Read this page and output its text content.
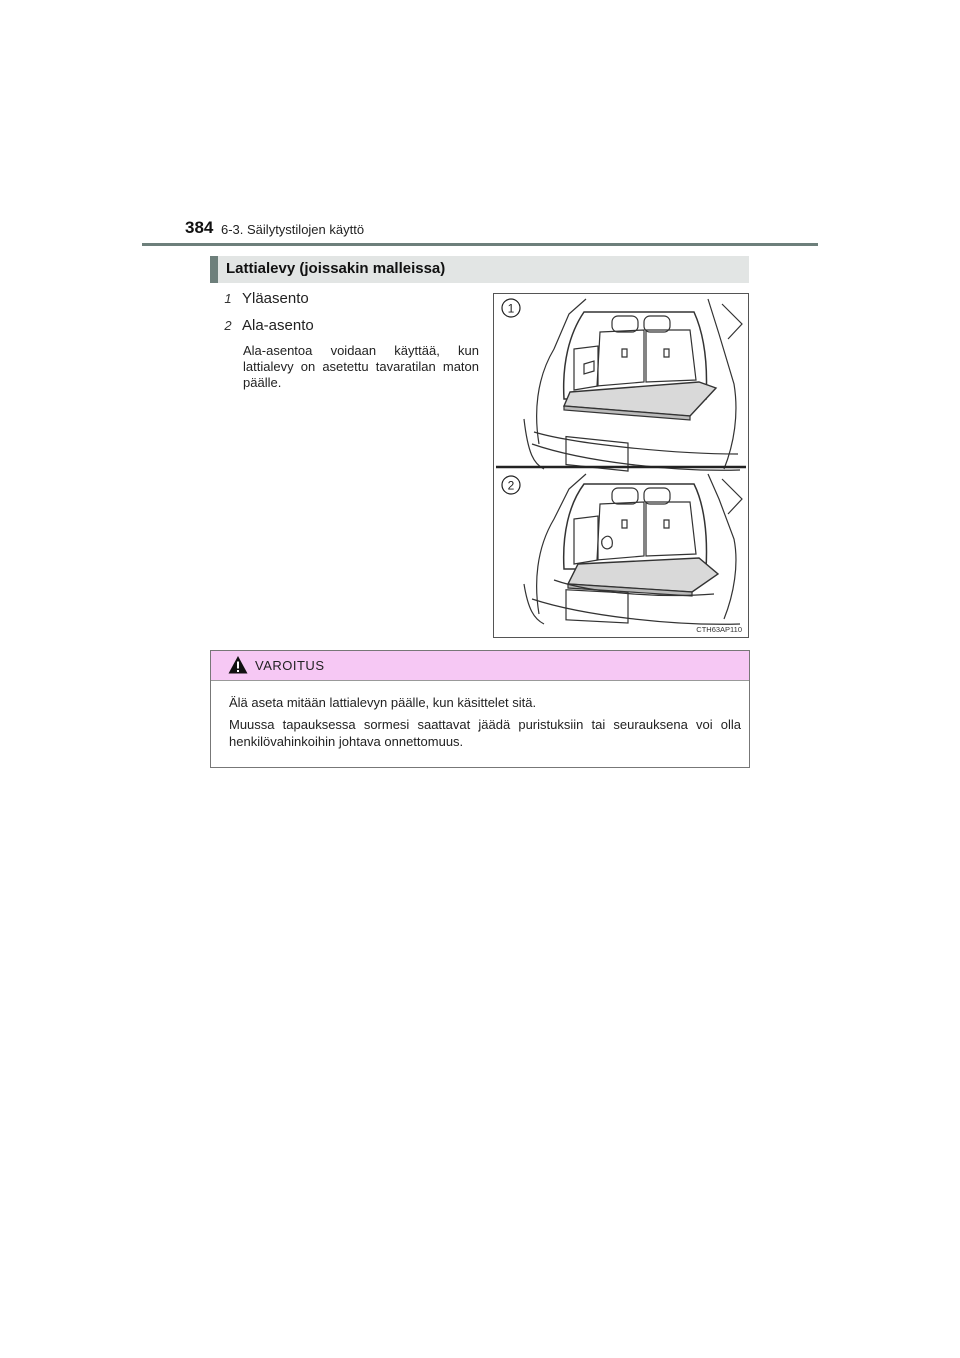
384 6-3. Säilytystilojen käyttö
Lattialevy (joissakin malleissa)
1 Yläasento
2 Ala-asento

Ala-asentoa voidaan käyttää, kun lattialevy on asetettu tavaratilan maton päälle.

1
2
CTH63AP110
VAROITUS

Älä aseta mitään lattialevyn päälle, kun käsittelet sitä.

Muussa tapauksessa sormesi saattavat jäädä puristuksiin tai seurauksena voi olla henkilövahinkoihin johtava onnettomuus.
